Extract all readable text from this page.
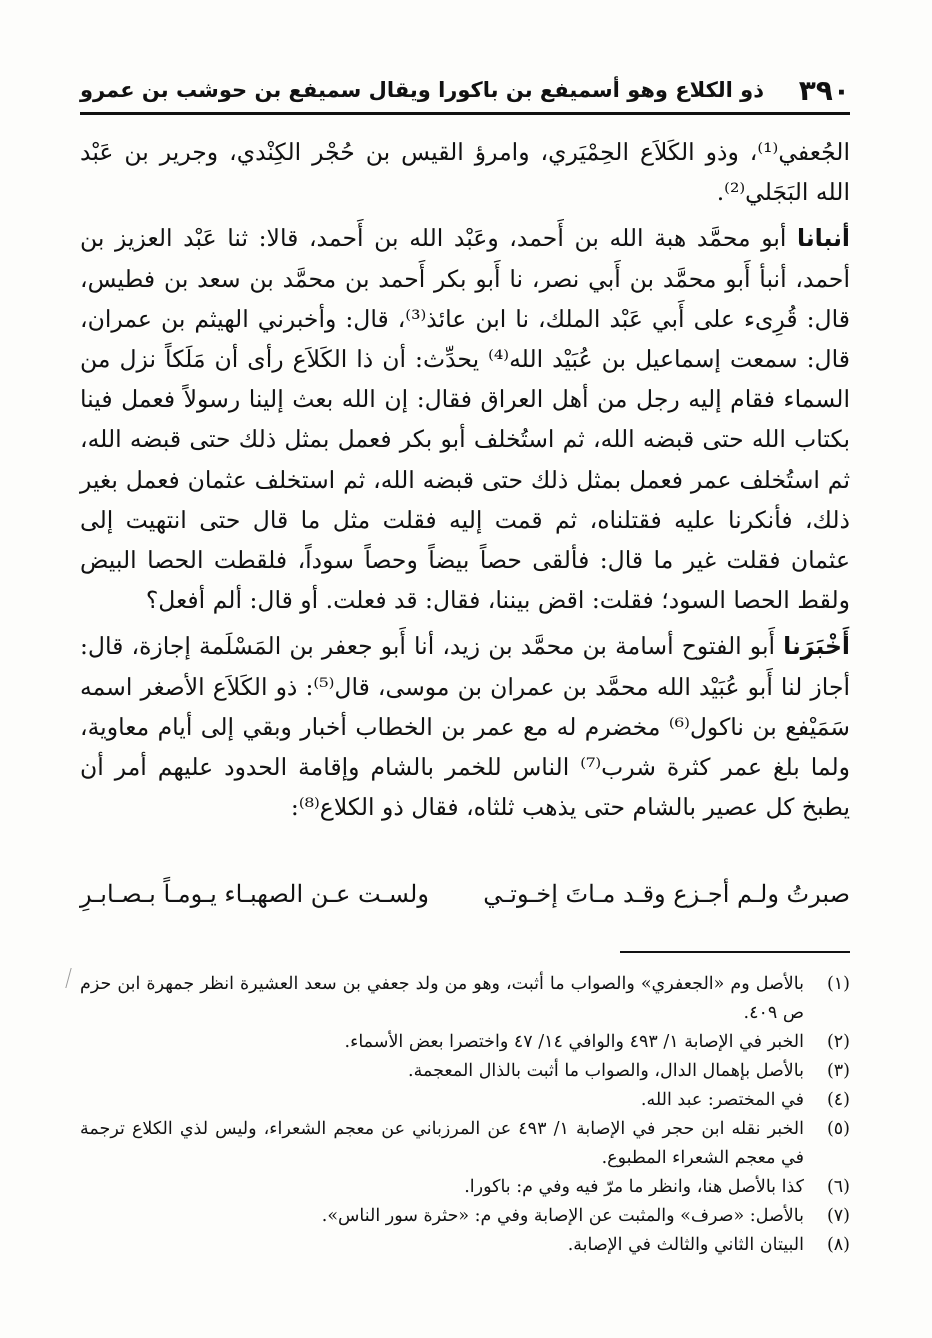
٣٩٠
ذو الكلاع وهو أسميفع بن باكورا ويقال سميفع بن حوشب بن عمرو

الجُعفي⁽¹⁾، وذو الكَلاَع الحِمْيَري، وامرؤ القيس بن حُجْر الكِنْدي، وجرير بن عَبْد الله البَجَلي⁽²⁾.

أنبانا أبو محمَّد هبة الله بن أَحمد، وعَبْد الله بن أَحمد، قالا: ثنا عَبْد العزيز بن أحمد، أنبأ أَبو محمَّد بن أَبي نصر، نا أَبو بكر أَحمد بن محمَّد بن سعد بن فطيس، قال: قُرِىء على أَبي عَبْد الملك، نا ابن عائذ⁽³⁾، قال: وأخبرني الهيثم بن عمران، قال: سمعت إسماعيل بن عُبَيْد الله⁽⁴⁾ يحدِّث: أن ذا الكَلاَع رأى أن مَلَكاً نزل من السماء فقام إليه رجل من أهل العراق فقال: إن الله بعث إلينا رسولاً فعمل فينا بكتاب الله حتى قبضه الله، ثم استُخلف أبو بكر فعمل بمثل ذلك حتى قبضه الله، ثم استُخلف عمر فعمل بمثل ذلك حتى قبضه الله، ثم استخلف عثمان فعمل بغير ذلك، فأنكرنا عليه فقتلناه، ثم قمت إليه فقلت مثل ما قال حتى انتهيت إلى عثمان فقلت غير ما قال: فألقى حصاً بيضاً وحصاً سوداً، فلقطت الحصا البيض ولقط الحصا السود؛ فقلت: اقض بيننا، فقال: قد فعلت. أو قال: ألم أفعل؟

أَخْبَرَنا أَبو الفتوح أسامة بن محمَّد بن زيد، أنا أَبو جعفر بن المَسْلَمة إجازة، قال: أجاز لنا أَبو عُبَيْد الله محمَّد بن عمران بن موسى، قال⁽⁵⁾: ذو الكَلاَع الأصغر اسمه سَمَيْفع بن ناكول⁽⁶⁾ مخضرم له مع عمر بن الخطاب أخبار وبقي إلى أيام معاوية، ولما بلغ عمر كثرة شرب⁽⁷⁾ الناس للخمر بالشام وإقامة الحدود عليهم أمر أن يطبخ كل عصير بالشام حتى يذهب ثلثاه، فقال ذو الكلاع⁽⁸⁾:

صبرتُ ولـم أجـزع وقـد مـاتَ إخـوتـي
ولسـت عـن الصهبـاء يـومـاً بـصـابـرِ
(١)
بالأصل وم «الجعفري» والصواب ما أثبت، وهو من ولد جعفي بن سعد العشيرة انظر جمهرة ابن حزم ص ٤٠٩.
(٢)
الخبر في الإصابة ١/ ٤٩٣ والوافي ١٤/ ٤٧ واختصرا بعض الأسماء.
(٣)
بالأصل بإهمال الدال، والصواب ما أثبت بالذال المعجمة.
(٤)
في المختصر: عبد الله.
(٥)
الخبر نقله ابن حجر في الإصابة ١/ ٤٩٣ عن المرزباني عن معجم الشعراء، وليس لذي الكلاع ترجمة في معجم الشعراء المطبوع.
(٦)
كذا بالأصل هنا، وانظر ما مرّ فيه وفي م: باكورا.
(٧)
بالأصل: «صرف» والمثبت عن الإصابة وفي م: «حثرة سور الناس».
(٨)
البيتان الثاني والثالث في الإصابة.
